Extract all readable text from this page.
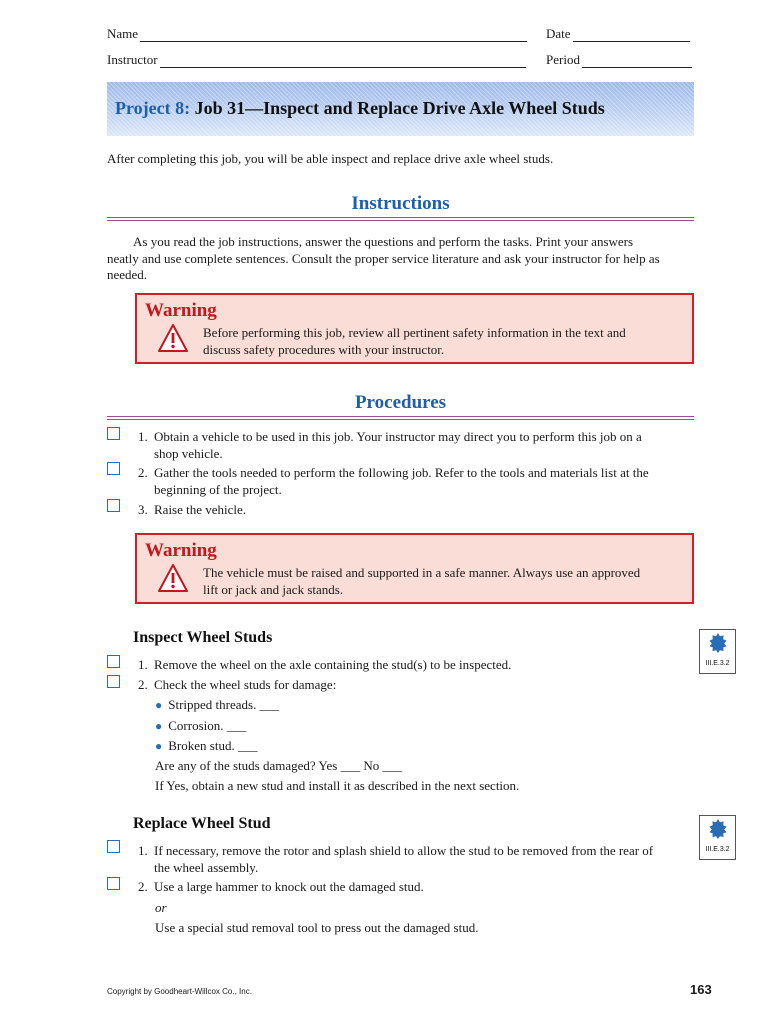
Name	Date
Instructor	Period
Project 8: Job 31—Inspect and Replace Drive Axle Wheel Studs
After completing this job, you will be able inspect and replace drive axle wheel studs.
Instructions
As you read the job instructions, answer the questions and perform the tasks. Print your answers
neatly and use complete sentences. Consult the proper service literature and ask your instructor for help as
needed.
Warning
Before performing this job, review all pertinent safety information in the text and
discuss safety procedures with your instructor.
Procedures
1. Obtain a vehicle to be used in this job. Your instructor may direct you to perform this job on a
shop vehicle.
2. Gather the tools needed to perform the following job. Refer to the tools and materials list at the
beginning of the project.
3. Raise the vehicle.
Warning
The vehicle must be raised and supported in a safe manner. Always use an approved
lift or jack and jack stands.
Inspect Wheel Studs
III.E.3.2
1. Remove the wheel on the axle containing the stud(s) to be inspected.
2. Check the wheel studs for damage:
● Stripped threads. ___
● Corrosion. ___
● Broken stud. ___
Are any of the studs damaged? Yes ___ No ___
If Yes, obtain a new stud and install it as described in the next section.
Replace Wheel Stud
III.E.3.2
1. If necessary, remove the rotor and splash shield to allow the stud to be removed from the rear of
the wheel assembly.
2. Use a large hammer to knock out the damaged stud.
or
Use a special stud removal tool to press out the damaged stud.
Copyright by Goodheart-Willcox Co., Inc.	163
